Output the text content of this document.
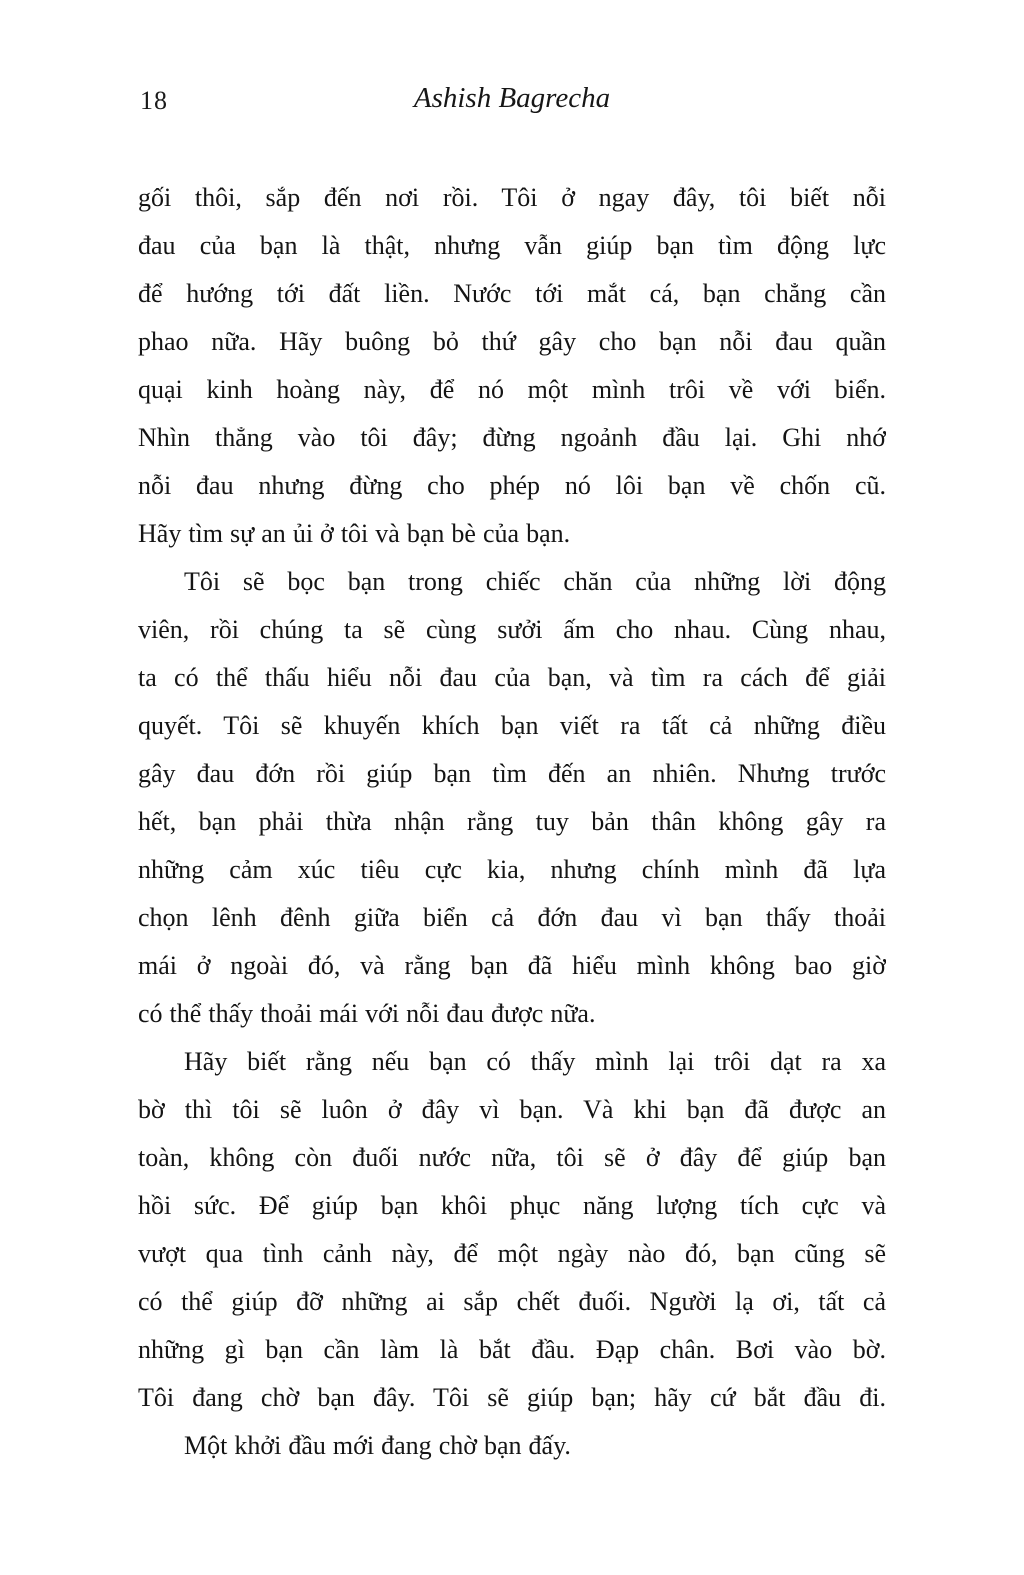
18	Ashish Bagrecha
gối thôi, sắp đến nơi rồi. Tôi ở ngay đây, tôi biết nỗi
đau của bạn là thật, nhưng vẫn giúp bạn tìm động lực
để hướng tới đất liền. Nước tới mắt cá, bạn chẳng cần
phao nữa. Hãy buông bỏ thứ gây cho bạn nỗi đau quần
quại kinh hoàng này, để nó một mình trôi về với biển.
Nhìn thẳng vào tôi đây; đừng ngoảnh đầu lại. Ghi nhớ
nỗi đau nhưng đừng cho phép nó lôi bạn về chốn cũ.
Hãy tìm sự an ủi ở tôi và bạn bè của bạn.
Tôi sẽ bọc bạn trong chiếc chăn của những lời động
viên, rồi chúng ta sẽ cùng sưởi ấm cho nhau. Cùng nhau,
ta có thể thấu hiểu nỗi đau của bạn, và tìm ra cách để giải
quyết. Tôi sẽ khuyến khích bạn viết ra tất cả những điều
gây đau đớn rồi giúp bạn tìm đến an nhiên. Nhưng trước
hết, bạn phải thừa nhận rằng tuy bản thân không gây ra
những cảm xúc tiêu cực kia, nhưng chính mình đã lựa
chọn lênh đênh giữa biển cả đớn đau vì bạn thấy thoải
mái ở ngoài đó, và rằng bạn đã hiểu mình không bao giờ
có thể thấy thoải mái với nỗi đau được nữa.
Hãy biết rằng nếu bạn có thấy mình lại trôi dạt ra xa
bờ thì tôi sẽ luôn ở đây vì bạn. Và khi bạn đã được an
toàn, không còn đuối nước nữa, tôi sẽ ở đây để giúp bạn
hồi sức. Để giúp bạn khôi phục năng lượng tích cực và
vượt qua tình cảnh này, để một ngày nào đó, bạn cũng sẽ
có thể giúp đỡ những ai sắp chết đuối. Người lạ ơi, tất cả
những gì bạn cần làm là bắt đầu. Đạp chân. Bơi vào bờ.
Tôi đang chờ bạn đây. Tôi sẽ giúp bạn; hãy cứ bắt đầu đi.
Một khởi đầu mới đang chờ bạn đấy.
